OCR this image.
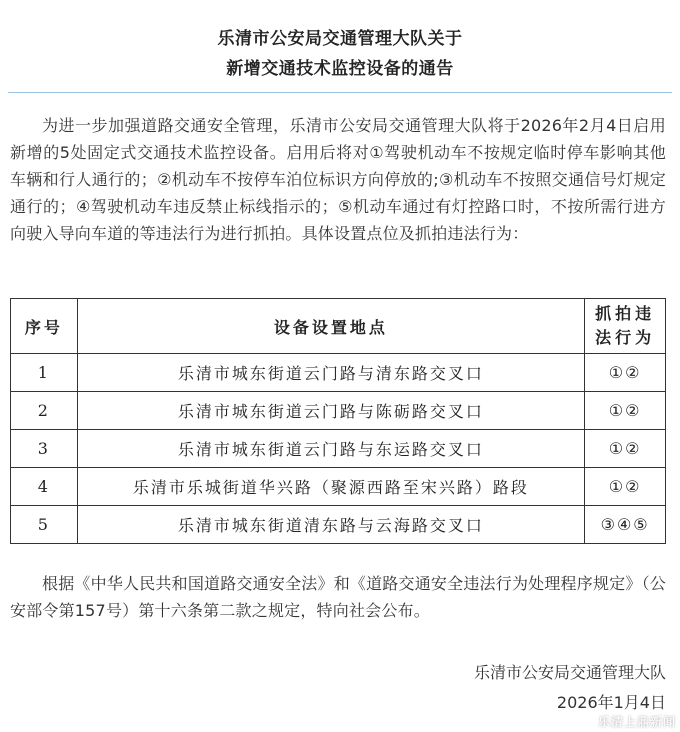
乐清市公安局交通管理大队关于
新增交通技术监控设备的通告

为进一步加强道路交通安全管理，乐清市公安局交通管理大队将于2026年2月4日启用新增的5处固定式交通技术监控设备。启用后将对①驾驶机动车不按规定临时停车影响其他车辆和行人通行的；②机动车不按停车泊位标识方向停放的;③机动车不按照交通信号灯规定通行的；④驾驶机动车违反禁止标线指示的；⑤机动车通过有灯控路口时，不按所需行进方向驶入导向车道的等违法行为进行抓拍。具体设置点位及抓拍违法行为：

序号	设备设置地点	抓拍违
法行为

1	乐清市城东街道云门路与清东路交叉口	①②
2	乐清市城东街道云门路与陈砺路交叉口	①②
3	乐清市城东街道云门路与东运路交叉口	①②
4	乐清市乐城街道华兴路（聚源西路至宋兴路）路段	①②
5	乐清市城东街道清东路与云海路交叉口	③④⑤

根据《中华人民共和国道路交通安全法》和《道路交通安全违法行为处理程序规定》（公安部令第157号）第十六条第二款之规定，特向社会公布。

乐清市公安局交通管理大队
2026年1月4日
乐清上鼎新闻
